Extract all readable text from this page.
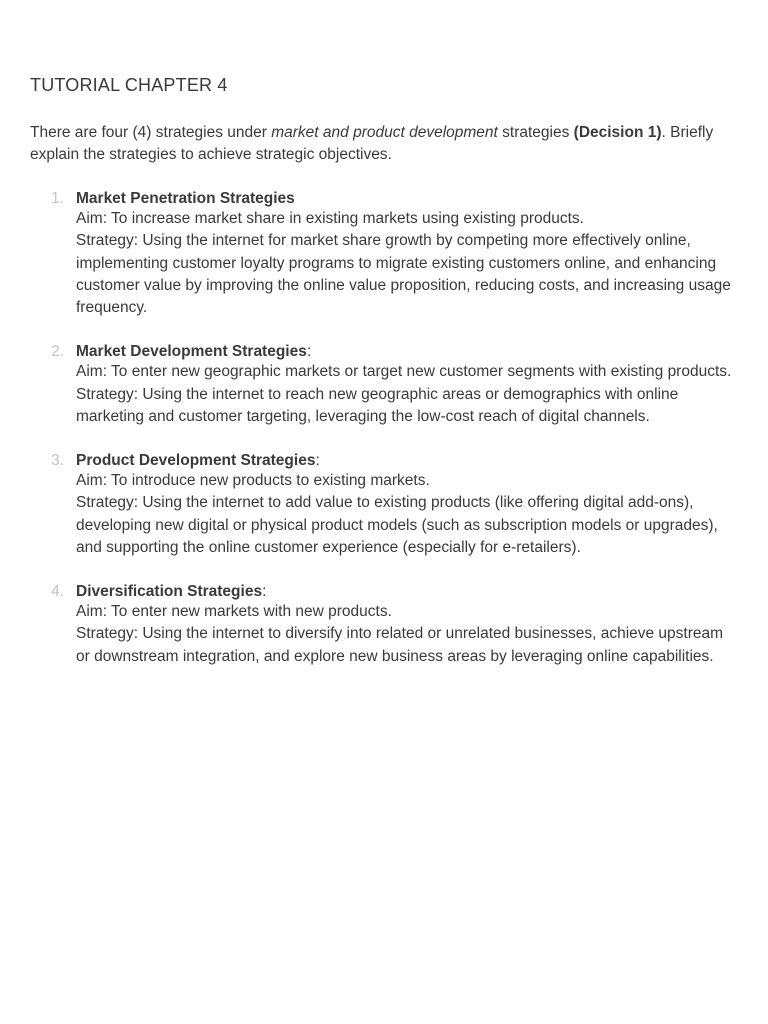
TUTORIAL CHAPTER 4

There are four (4) strategies under market and product development strategies (Decision 1). Briefly explain the strategies to achieve strategic objectives.

1. Market Penetration Strategies
Aim: To increase market share in existing markets using existing products.
Strategy: Using the internet for market share growth by competing more effectively online, implementing customer loyalty programs to migrate existing customers online, and enhancing customer value by improving the online value proposition, reducing costs, and increasing usage frequency.
2. Market Development Strategies:
Aim: To enter new geographic markets or target new customer segments with existing products.
Strategy: Using the internet to reach new geographic areas or demographics with online marketing and customer targeting, leveraging the low-cost reach of digital channels.
3. Product Development Strategies:
Aim: To introduce new products to existing markets.
Strategy: Using the internet to add value to existing products (like offering digital add-ons), developing new digital or physical product models (such as subscription models or upgrades), and supporting the online customer experience (especially for e-retailers).
4. Diversification Strategies:
Aim: To enter new markets with new products.
Strategy: Using the internet to diversify into related or unrelated businesses, achieve upstream or downstream integration, and explore new business areas by leveraging online capabilities.
